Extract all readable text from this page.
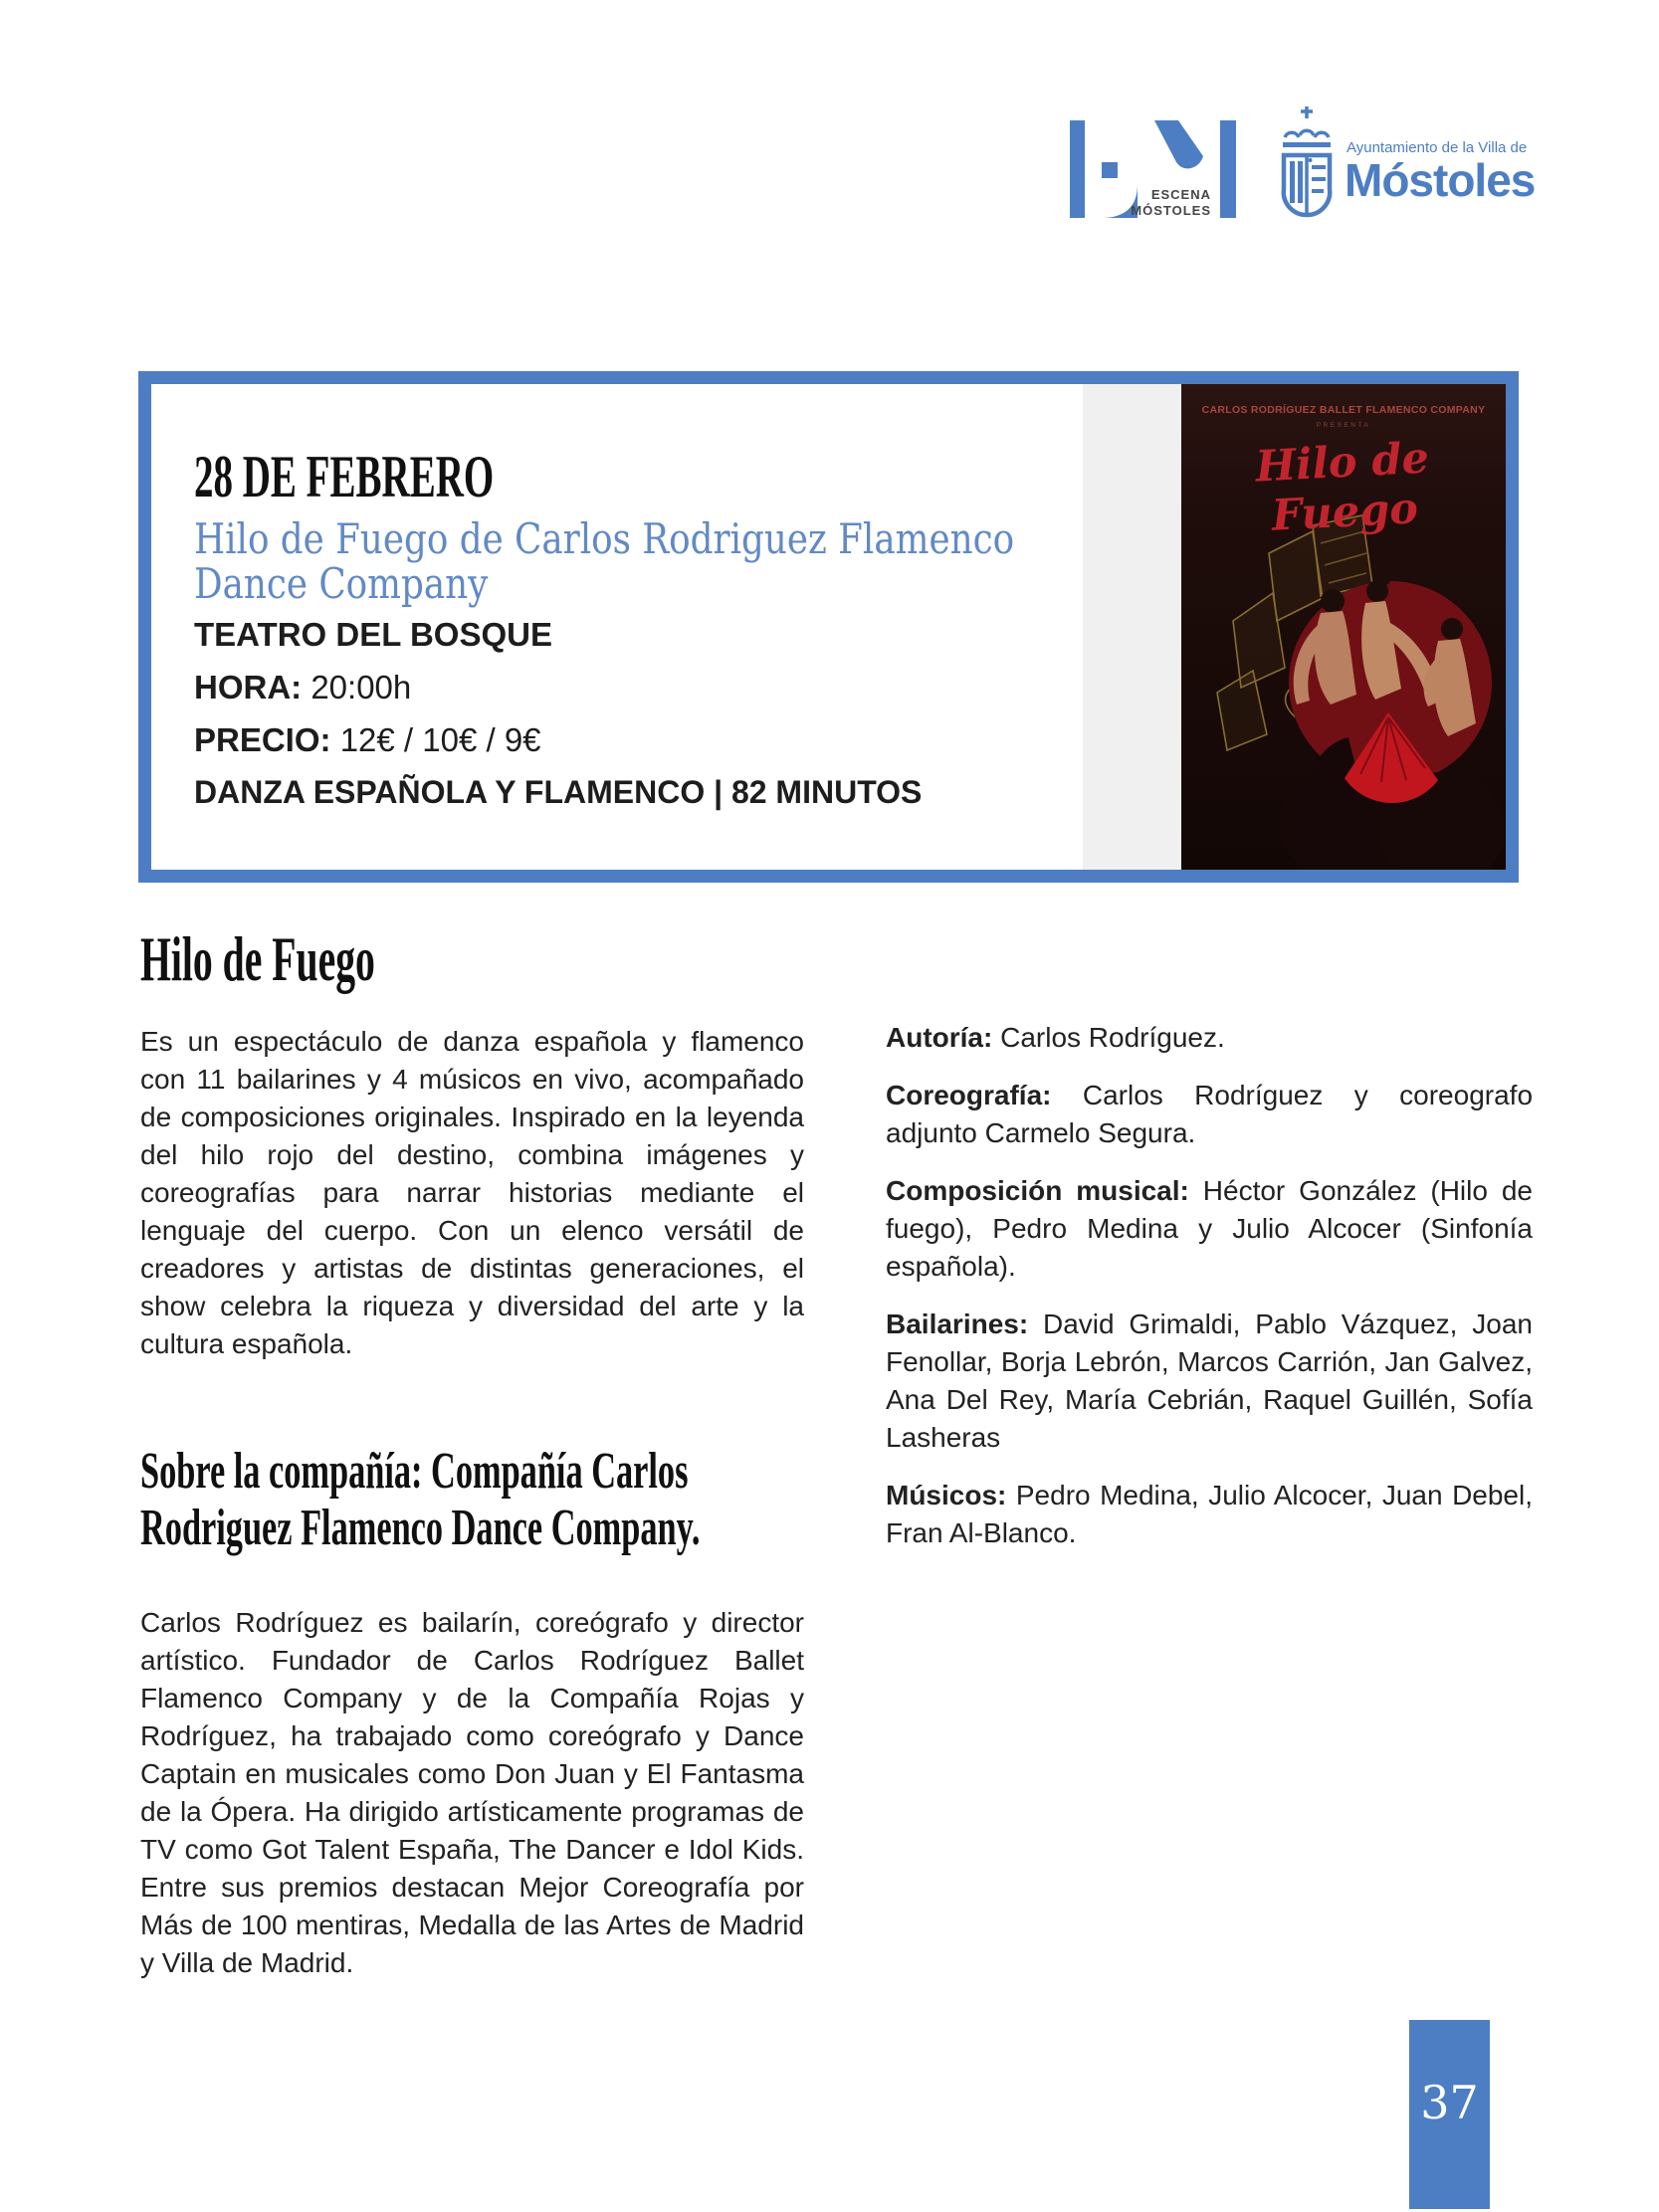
ESCENA
MÓSTOLES
Ayuntamiento de la Villa de
Móstoles
28 DE FEBRERO
Hilo de Fuego de Carlos Rodriguez Flamenco
Dance Company
TEATRO DEL BOSQUE
HORA: 20:00h
PRECIO: 12€ / 10€ / 9€
DANZA ESPAÑOLA Y FLAMENCO | 82 MINUTOS
CARLOS RODRÍGUEZ BALLET FLAMENCO COMPANY
PRESENTA
Hilo de Fuego
Hilo de Fuego

Es un espectáculo de danza española y flamenco con 11 bailarines y 4 músicos en vivo, acompañado de composiciones originales. Inspirado en la leyenda del hilo rojo del destino, combina imágenes y coreografías para narrar historias mediante el lenguaje del cuerpo. Con un elenco versátil de creadores y artistas de distintas generaciones, el show celebra la riqueza y diversidad del arte y la cultura española.

Sobre la compañía: Compañía Carlos
Rodriguez Flamenco Dance Company.

Carlos Rodríguez es bailarín, coreógrafo y director artístico. Fundador de Carlos Rodríguez Ballet Flamenco Company y de la Compañía Rojas y Rodríguez, ha trabajado como coreógrafo y Dance Captain en musicales como Don Juan y El Fantasma de la Ópera. Ha dirigido artísticamente programas de TV como Got Talent España, The Dancer e Idol Kids. Entre sus premios destacan Mejor Coreografía por Más de 100 mentiras, Medalla de las Artes de Madrid y Villa de Madrid.

Autoría: Carlos Rodríguez.

Coreografía: Carlos Rodríguez y coreografo adjunto Carmelo Segura.

Composición musical: Héctor González (Hilo de fuego), Pedro Medina y Julio Alcocer (Sinfonía española).

Bailarines: David Grimaldi, Pablo Vázquez, Joan Fenollar, Borja Lebrón, Marcos Carrión, Jan Galvez, Ana Del Rey, María Cebrián, Raquel Guillén, Sofía Lasheras

Músicos: Pedro Medina, Julio Alcocer, Juan Debel, Fran Al-Blanco.

37
